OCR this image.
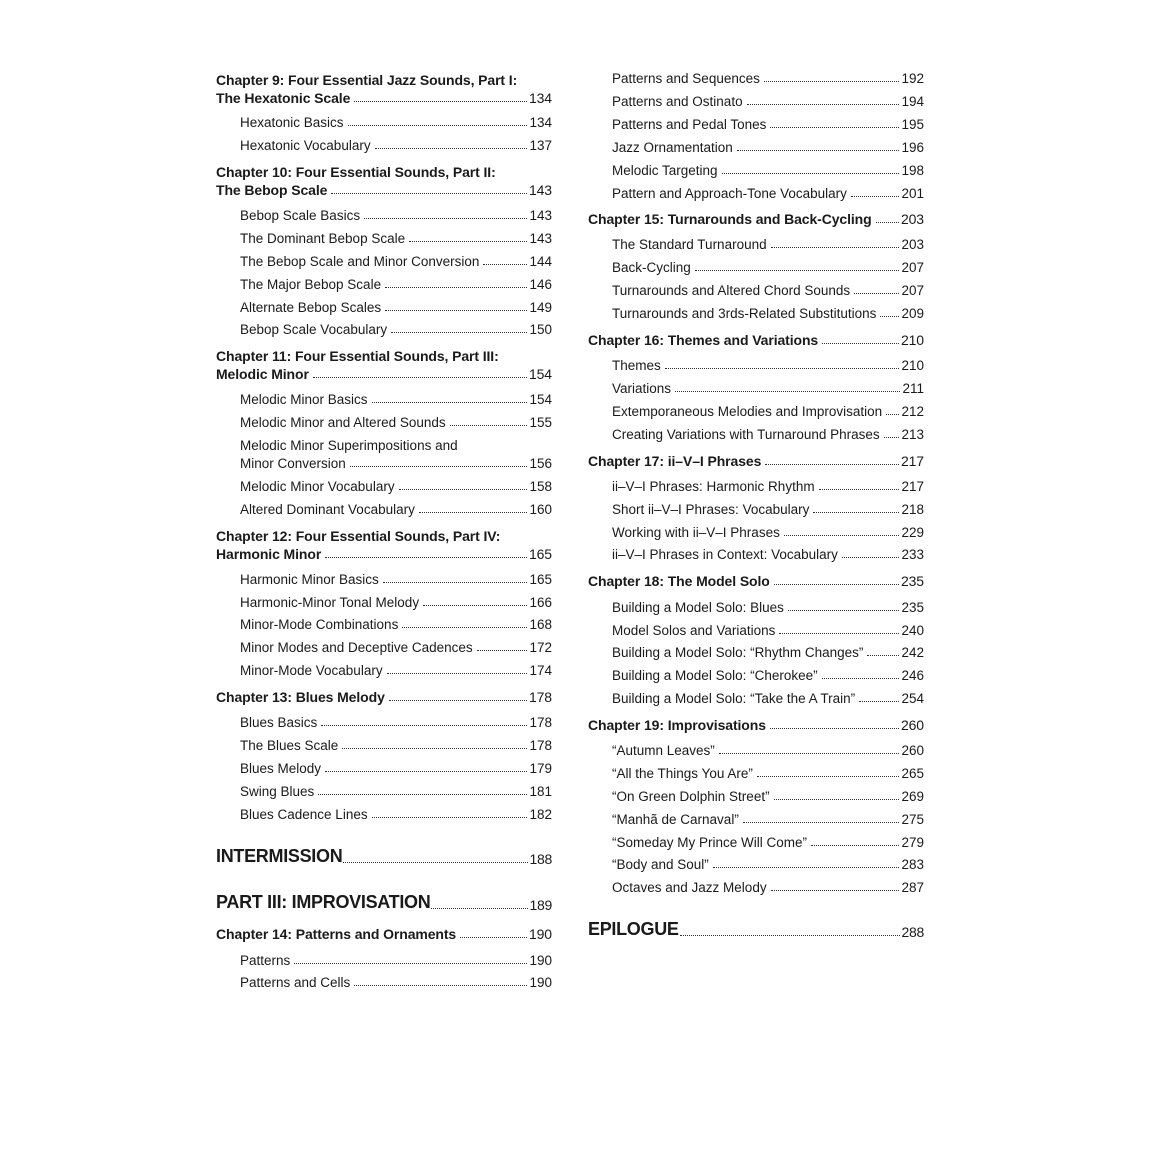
Chapter 9: Four Essential Jazz Sounds, Part I:
The Hexatonic Scale	134
Hexatonic Basics	134
Hexatonic Vocabulary	137
Chapter 10: Four Essential Sounds, Part II:
The Bebop Scale	143
Bebop Scale Basics	143
The Dominant Bebop Scale	143
The Bebop Scale and Minor Conversion	144
The Major Bebop Scale	146
Alternate Bebop Scales	149
Bebop Scale Vocabulary	150
Chapter 11: Four Essential Sounds, Part III:
Melodic Minor	154
Melodic Minor Basics	154
Melodic Minor and Altered Sounds	155
Melodic Minor Superimpositions and
Minor Conversion	156
Melodic Minor Vocabulary	158
Altered Dominant Vocabulary	160
Chapter 12: Four Essential Sounds, Part IV:
Harmonic Minor	165
Harmonic Minor Basics	165
Harmonic-Minor Tonal Melody	166
Minor-Mode Combinations	168
Minor Modes and Deceptive Cadences	172
Minor-Mode Vocabulary	174
Chapter 13: Blues Melody	178
Blues Basics	178
The Blues Scale	178
Blues Melody	179
Swing Blues	181
Blues Cadence Lines	182
INTERMISSION	188
PART III: IMPROVISATION	189
Chapter 14: Patterns and Ornaments	190
Patterns	190
Patterns and Cells	190
Patterns and Sequences	192
Patterns and Ostinato	194
Patterns and Pedal Tones	195
Jazz Ornamentation	196
Melodic Targeting	198
Pattern and Approach-Tone Vocabulary	201
Chapter 15: Turnarounds and Back-Cycling 203
The Standard Turnaround	203
Back-Cycling	207
Turnarounds and Altered Chord Sounds	207
Turnarounds and 3rds-Related Substitutions 209
Chapter 16: Themes and Variations	210
Themes	210
Variations	211
Extemporaneous Melodies and Improvisation 212
Creating Variations with Turnaround Phrases 213
Chapter 17: ii–V–I Phrases	217
ii–V–I Phrases: Harmonic Rhythm	217
Short ii–V–I Phrases: Vocabulary	218
Working with ii–V–I Phrases	229
ii–V–I Phrases in Context: Vocabulary	233
Chapter 18: The Model Solo	235
Building a Model Solo: Blues	235
Model Solos and Variations	240
Building a Model Solo: “Rhythm Changes”	242
Building a Model Solo: “Cherokee”	246
Building a Model Solo: “Take the A Train”	254
Chapter 19: Improvisations	260
“Autumn Leaves”	260
“All the Things You Are”	265
“On Green Dolphin Street”	269
“Manhã de Carnaval”	275
“Someday My Prince Will Come”	279
“Body and Soul”	283
Octaves and Jazz Melody	287
EPILOGUE	288
